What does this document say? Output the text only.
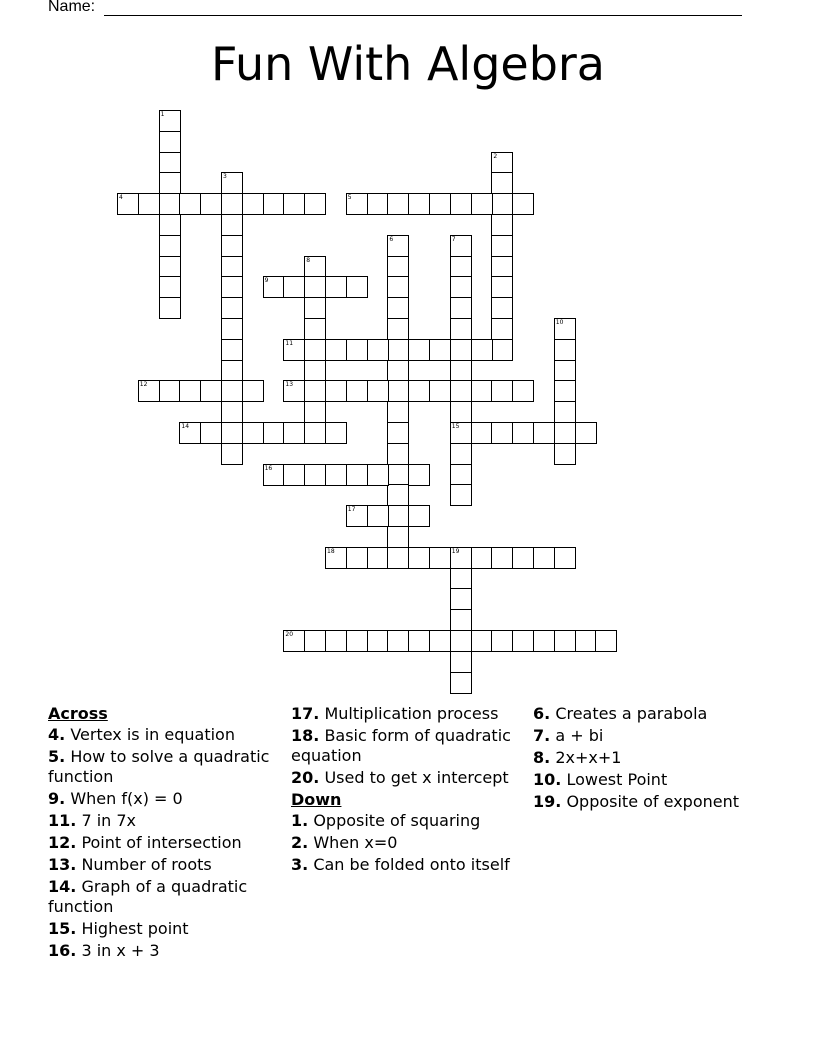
Name:
Fun With Algebra
1
2
3
4	5
6	7
15
8
9
10
11
12	13
14
16
17
18	19
20
Across
4. Vertex is in equation
5. How to solve a quadratic function
9. When f(x) = 0
11. 7 in 7x
12. Point of intersection
13. Number of roots
14. Graph of a quadratic function
15. Highest point
16. 3 in x + 3
17. Multiplication process
18. Basic form of quadratic equation
20. Used to get x intercept
Down
1. Opposite of squaring
2. When x=0
3. Can be folded onto itself
6. Creates a parabola
7. a + bi
8. 2x+x+1
10. Lowest Point
19. Opposite of exponent
